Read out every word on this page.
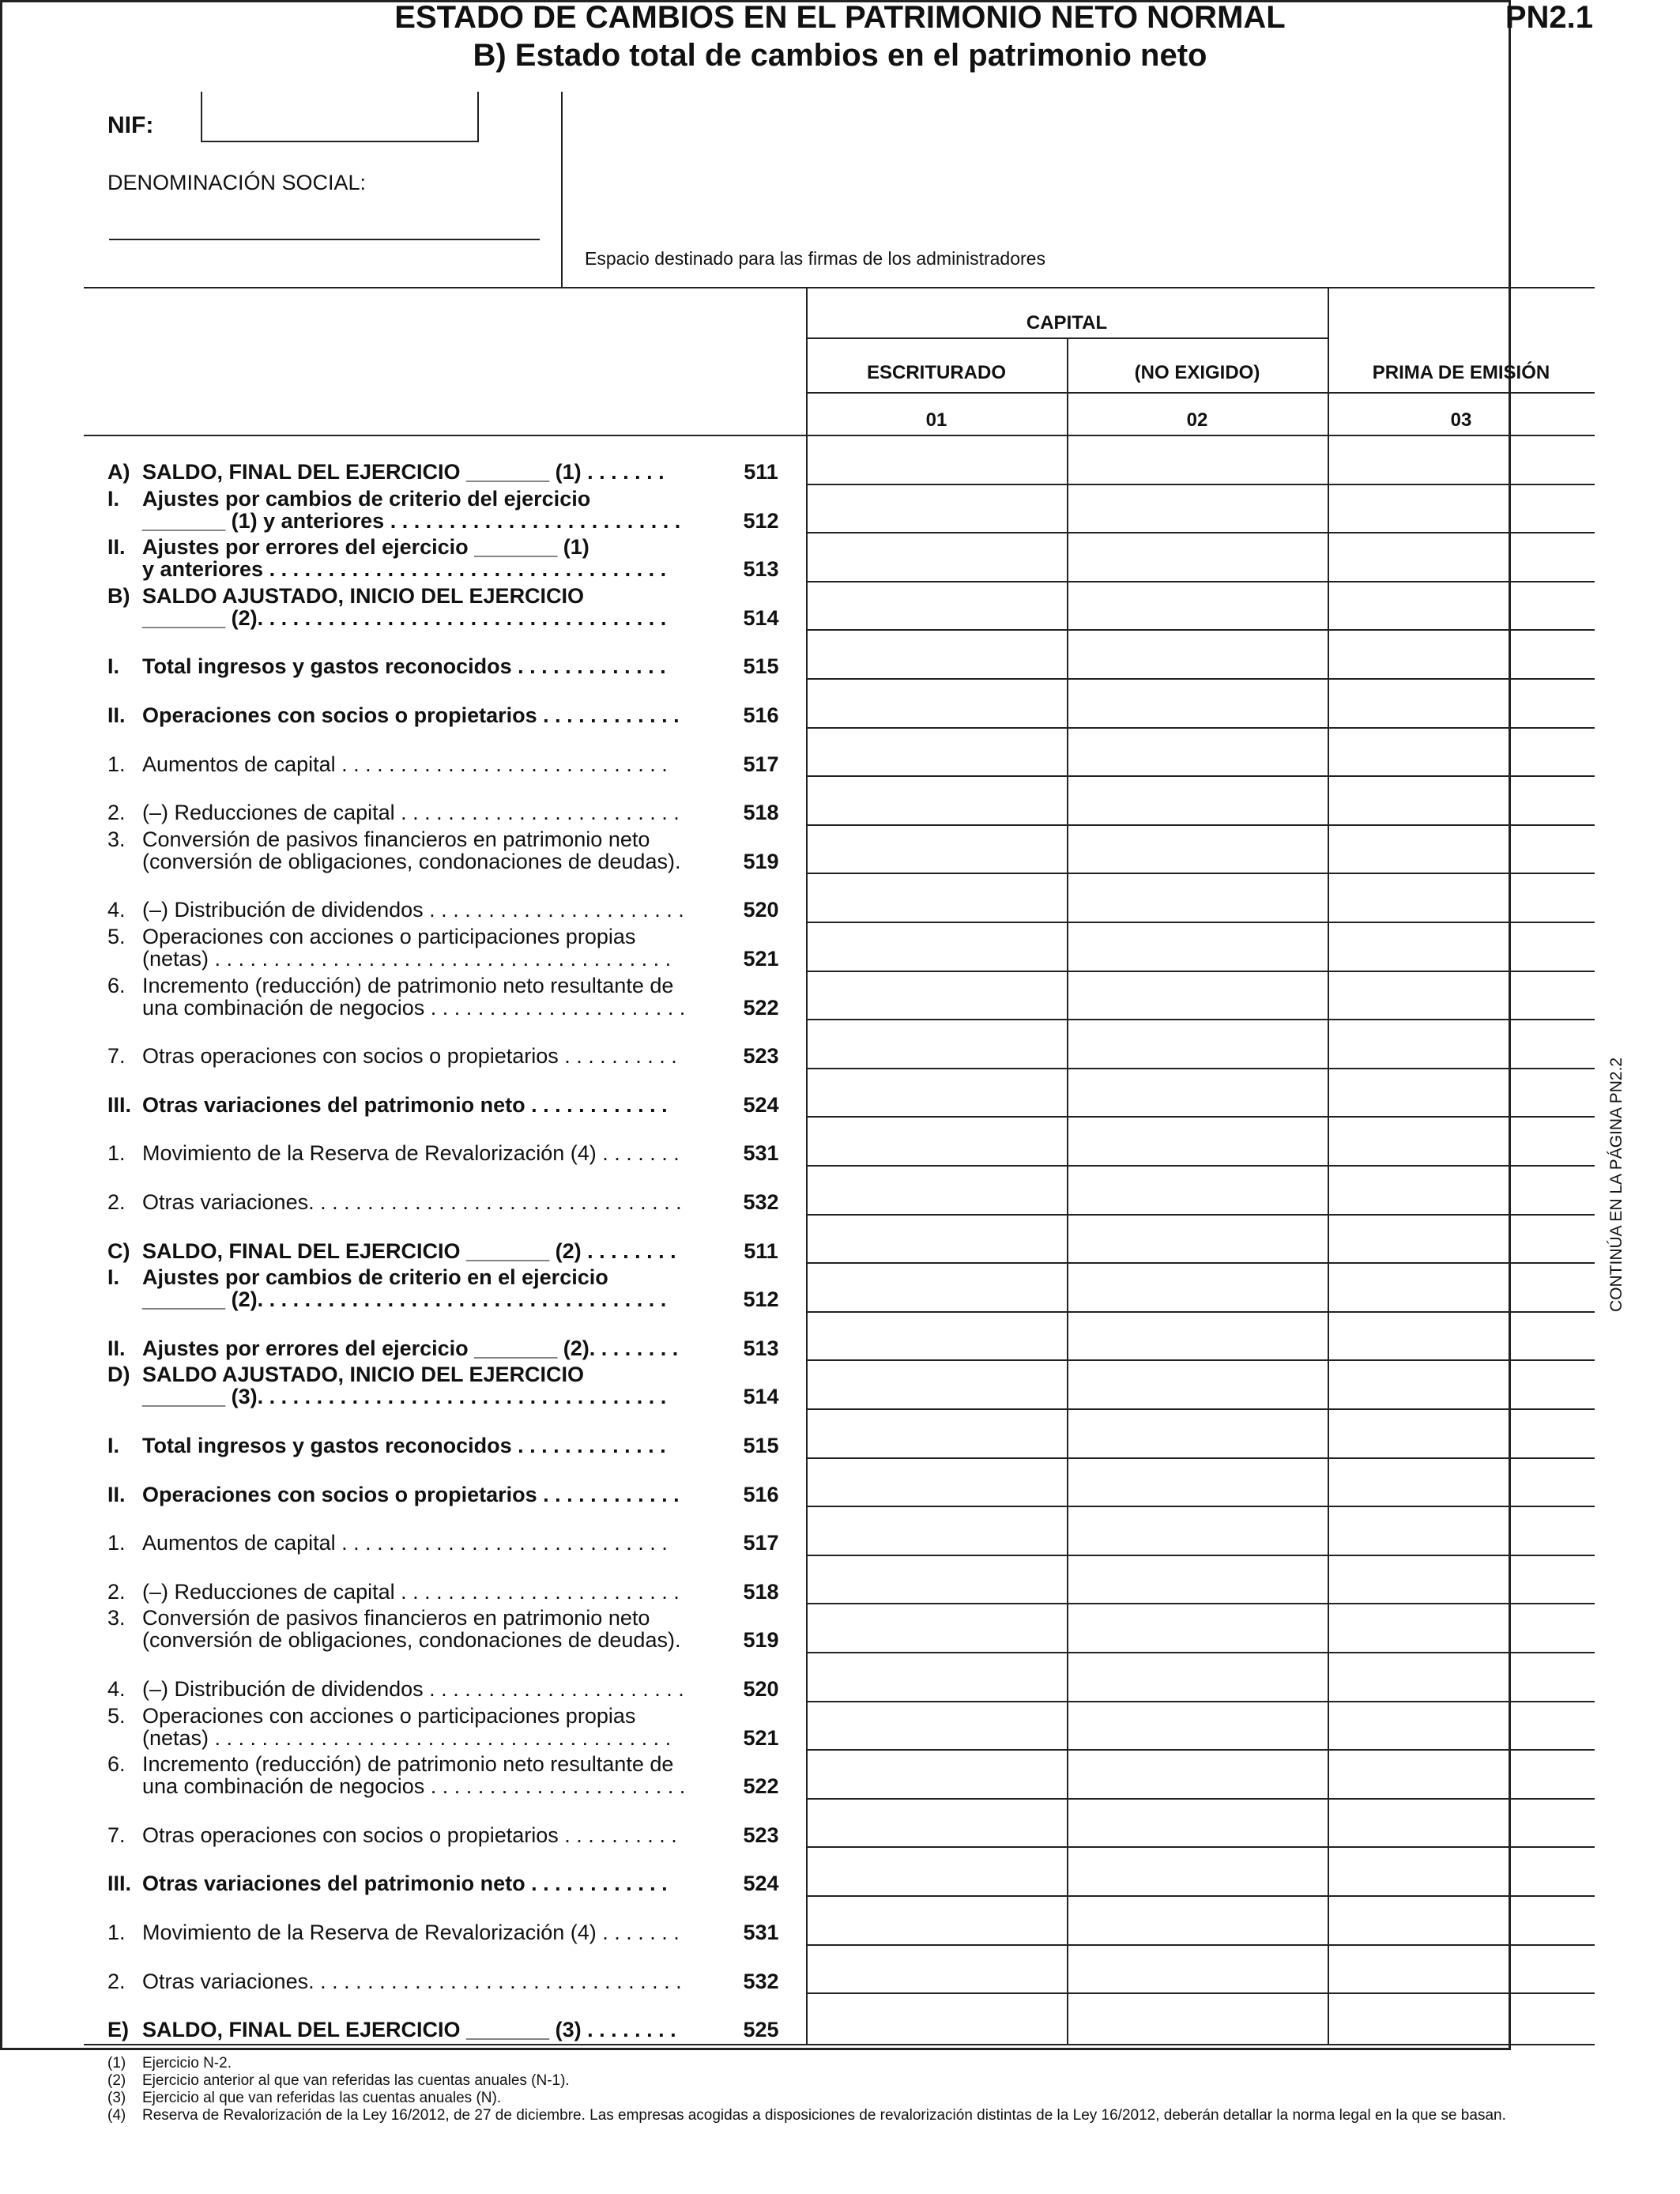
ESTADO DE CAMBIOS EN EL PATRIMONIO NETO NORMAL
B) Estado total de cambios en el patrimonio neto
PN2.1
NIF:
DENOMINACIÓN SOCIAL:
Espacio destinado para las firmas de los administradores
CAPITAL
ESCRITURADO	(NO EXIGIDO)	PRIMA DE EMISIÓN
01	02	03
A) SALDO, FINAL DEL EJERCICIO _______ (1) . . . . . . .	511
I.	Ajustes por cambios de criterio del ejercicio
_______ (1) y anteriores . . . . . . . . . . . . . . . . . . . . . . . . .	512
II. Ajustes por errores del ejercicio _______ (1)
y anteriores . . . . . . . . . . . . . . . . . . . . . . . . . . . . . . . . . .	513
B) SALDO AJUSTADO, INICIO DEL EJERCICIO
_______ (2). . . . . . . . . . . . . . . . . . . . . . . . . . . . . . . . . . .	514
I.	Total ingresos y gastos reconocidos . . . . . . . . . . . . .	515
II. Operaciones con socios o propietarios . . . . . . . . . . . .	516
1. Aumentos de capital . . . . . . . . . . . . . . . . . . . . . . . . . . . .	517
2. (–) Reducciones de capital . . . . . . . . . . . . . . . . . . . . . . . .	518
3. Conversión de pasivos financieros en patrimonio neto
(conversión de obligaciones, condonaciones de deudas).	519
4. (–) Distribución de dividendos . . . . . . . . . . . . . . . . . . . . . .	520
5. Operaciones con acciones o participaciones propias
(netas) . . . . . . . . . . . . . . . . . . . . . . . . . . . . . . . . . . . . . . .	521
6. Incremento (reducción) de patrimonio neto resultante de
una combinación de negocios . . . . . . . . . . . . . . . . . . . . . .	522
7. Otras operaciones con socios o propietarios . . . . . . . . . .	523
III. Otras variaciones del patrimonio neto . . . . . . . . . . . .	524
1. Movimiento de la Reserva de Revalorización (4) . . . . . . .	531
2. Otras variaciones. . . . . . . . . . . . . . . . . . . . . . . . . . . . . . . .	532
C) SALDO, FINAL DEL EJERCICIO _______ (2) . . . . . . . .	511
I.	Ajustes por cambios de criterio en el ejercicio
_______ (2). . . . . . . . . . . . . . . . . . . . . . . . . . . . . . . . . . .	512
II. Ajustes por errores del ejercicio _______ (2). . . . . . . .	513
D) SALDO AJUSTADO, INICIO DEL EJERCICIO
_______ (3). . . . . . . . . . . . . . . . . . . . . . . . . . . . . . . . . . .	514
I.	Total ingresos y gastos reconocidos . . . . . . . . . . . . .	515
II. Operaciones con socios o propietarios . . . . . . . . . . . .	516
1. Aumentos de capital . . . . . . . . . . . . . . . . . . . . . . . . . . . .	517
2. (–) Reducciones de capital . . . . . . . . . . . . . . . . . . . . . . . .	518
3. Conversión de pasivos financieros en patrimonio neto
(conversión de obligaciones, condonaciones de deudas).	519
4. (–) Distribución de dividendos . . . . . . . . . . . . . . . . . . . . . .	520
5. Operaciones con acciones o participaciones propias
(netas) . . . . . . . . . . . . . . . . . . . . . . . . . . . . . . . . . . . . . . .	521
6. Incremento (reducción) de patrimonio neto resultante de
una combinación de negocios . . . . . . . . . . . . . . . . . . . . . .	522
7. Otras operaciones con socios o propietarios . . . . . . . . . .	523
III. Otras variaciones del patrimonio neto . . . . . . . . . . . .	524
1. Movimiento de la Reserva de Revalorización (4) . . . . . . .	531
2. Otras variaciones. . . . . . . . . . . . . . . . . . . . . . . . . . . . . . . .	532
E) SALDO, FINAL DEL EJERCICIO _______ (3) . . . . . . . .	525
CONTINÚA EN LA PÁGINA PN2.2
(1) Ejercicio N-2.
(2) Ejercicio anterior al que van referidas las cuentas anuales (N-1).
(3) Ejercicio al que van referidas las cuentas anuales (N).
(4) Reserva de Revalorización de la Ley 16/2012, de 27 de diciembre. Las empresas acogidas a disposiciones de revalorización distintas de la Ley 16/2012, deberán detallar la norma legal en la que se basan.
